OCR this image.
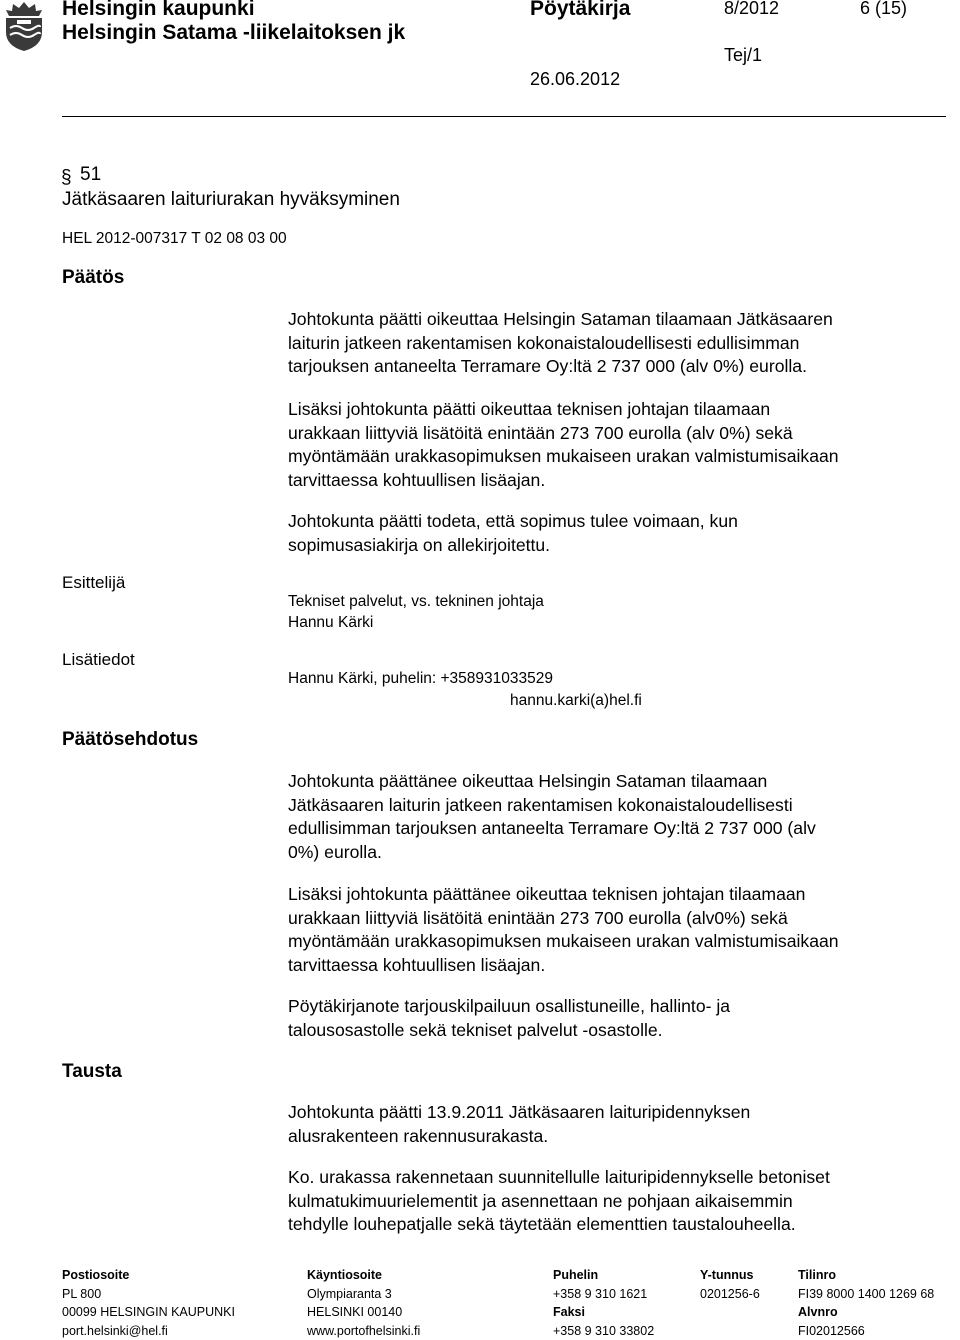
Helsingin kaupunki
Helsingin Satama -liikelaitoksen jk
Pöytäkirja	8/2012	6 (15)
Tej/1
26.06.2012
§ 51
Jätkäsaaren laituriurakan hyväksyminen
HEL 2012-007317 T 02 08 03 00
Päätös
Esittelijä
Lisätiedot
Päätösehdotus
Tausta
Johtokunta päätti oikeuttaa Helsingin Sataman tilaamaan Jätkäsaaren
laiturin jatkeen rakentamisen kokonaistaloudellisesti edullisimman
tarjouksen antaneelta Terramare Oy:ltä 2 737 000 (alv 0%) eurolla.
Lisäksi johtokunta päätti oikeuttaa teknisen johtajan tilaamaan
urakkaan liittyviä lisätöitä enintään 273 700 eurolla (alv 0%) sekä
myöntämään urakkasopimuksen mukaiseen urakan valmistumisaikaan
tarvittaessa kohtuullisen lisäajan.
Johtokunta päätti todeta, että sopimus tulee voimaan, kun
sopimusasiakirja on allekirjoitettu.
Tekniset palvelut, vs. tekninen johtaja
Hannu Kärki
Hannu Kärki, puhelin: +358931033529
hannu.karki(a)hel.fi
Johtokunta päättänee oikeuttaa Helsingin Sataman tilaamaan
Jätkäsaaren laiturin jatkeen rakentamisen kokonaistaloudellisesti
edullisimman tarjouksen antaneelta Terramare Oy:ltä 2 737 000 (alv
0%) eurolla.
Lisäksi johtokunta päättänee oikeuttaa teknisen johtajan tilaamaan
urakkaan liittyviä lisätöitä enintään 273 700 eurolla (alv0%) sekä
myöntämään urakkasopimuksen mukaiseen urakan valmistumisaikaan
tarvittaessa kohtuullisen lisäajan.
Pöytäkirjanote tarjouskilpailuun osallistuneille, hallinto- ja
talousosastolle sekä tekniset palvelut -osastolle.
Johtokunta päätti 13.9.2011 Jätkäsaaren laituripidennyksen
alusrakenteen rakennusurakasta.
Ko. urakassa rakennetaan suunnitellulle laituripidennykselle betoniset
kulmatukimuurielementit ja asennettaan ne pohjaan aikaisemmin
tehdylle louhepatjalle sekä täytetään elementtien taustalouheella.
Postiosoite
PL 800
00099 HELSINGIN KAUPUNKI
port.helsinki@hel.fi
Käyntiosoite
Olympiaranta 3
HELSINKI 00140
www.portofhelsinki.fi
Puhelin
+358 9 310 1621
Faksi
+358 9 310 33802
Y-tunnus
0201256-6
Tilinro
FI39 8000 1400 1269 68
Alvnro
FI02012566
